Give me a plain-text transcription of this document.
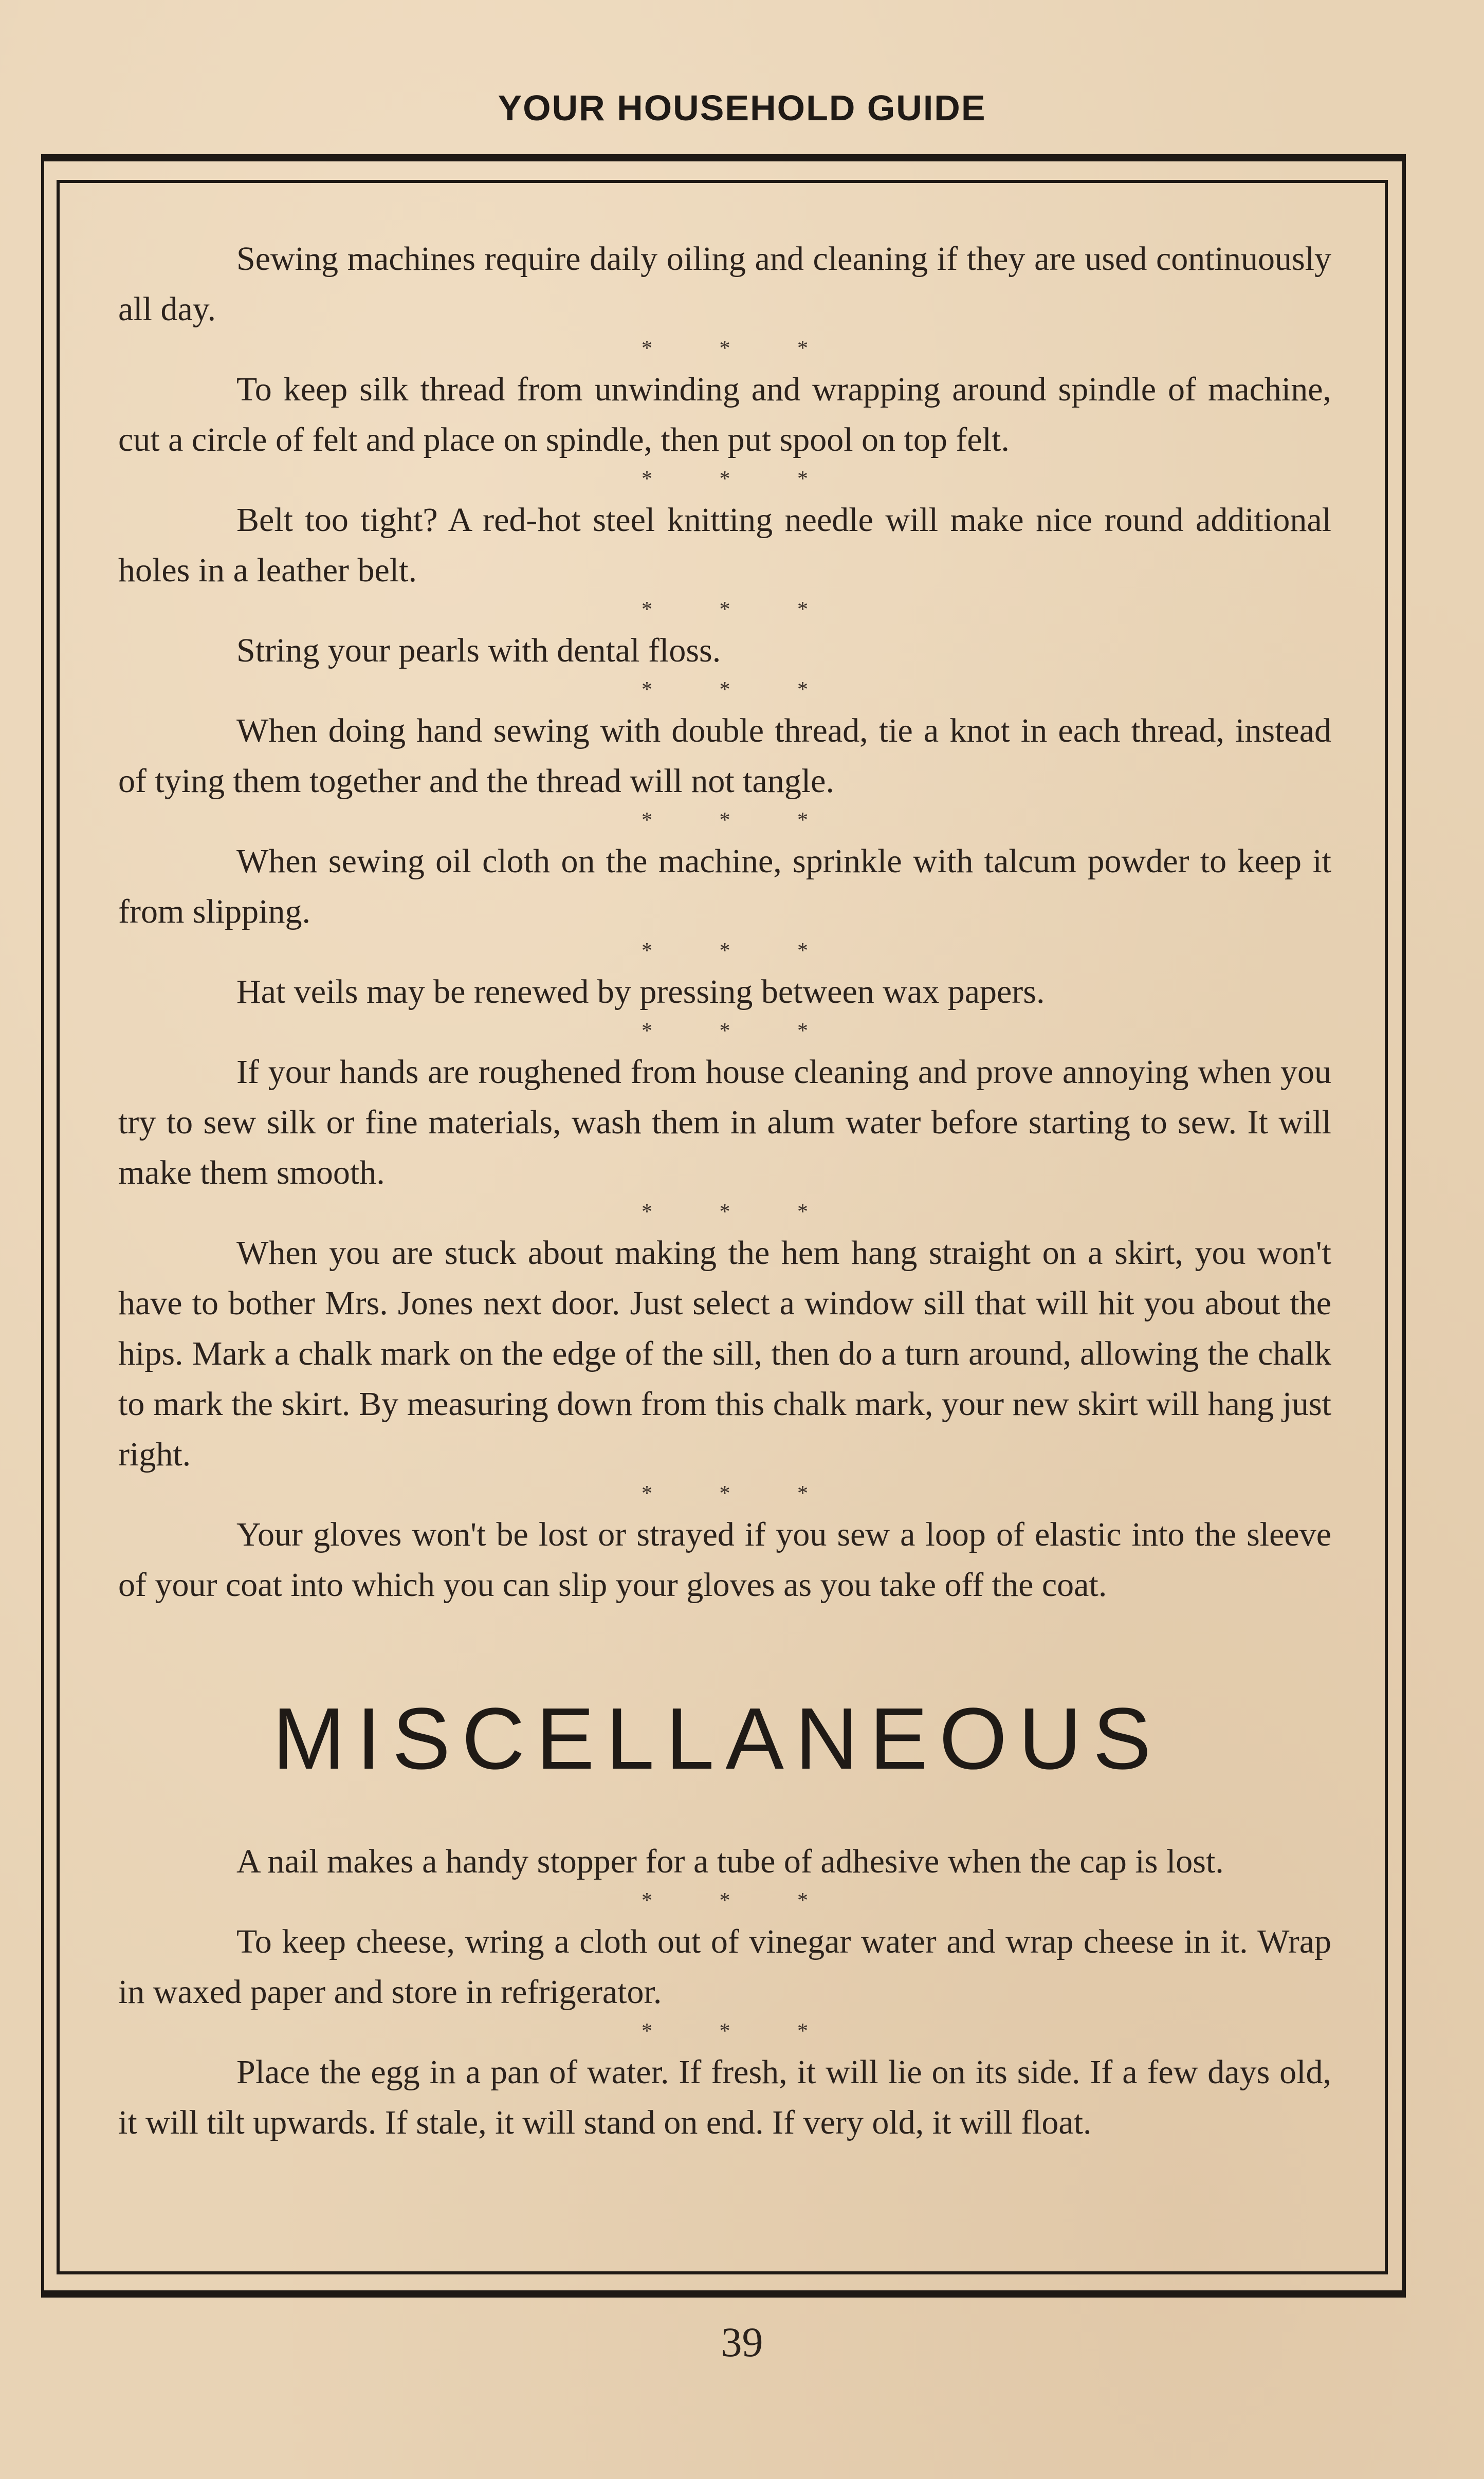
YOUR HOUSEHOLD GUIDE

Sewing machines require daily oiling and cleaning if they are used continuously all day.

* * *

To keep silk thread from unwinding and wrapping around spindle of machine, cut a circle of felt and place on spindle, then put spool on top felt.

* * *

Belt too tight? A red-hot steel knitting needle will make nice round additional holes in a leather belt.

* * *

String your pearls with dental floss.

* * *

When doing hand sewing with double thread, tie a knot in each thread, instead of tying them together and the thread will not tangle.

* * *

When sewing oil cloth on the machine, sprinkle with talcum powder to keep it from slipping.

* * *

Hat veils may be renewed by pressing between wax papers.

* * *

If your hands are roughened from house cleaning and prove annoying when you try to sew silk or fine materials, wash them in alum water before starting to sew. It will make them smooth.

* * *

When you are stuck about making the hem hang straight on a skirt, you won't have to bother Mrs. Jones next door. Just select a window sill that will hit you about the hips. Mark a chalk mark on the edge of the sill, then do a turn around, allowing the chalk to mark the skirt. By measuring down from this chalk mark, your new skirt will hang just right.

* * *

Your gloves won't be lost or strayed if you sew a loop of elastic into the sleeve of your coat into which you can slip your gloves as you take off the coat.

MISCELLANEOUS

A nail makes a handy stopper for a tube of adhesive when the cap is lost.

* * *

To keep cheese, wring a cloth out of vinegar water and wrap cheese in it. Wrap in waxed paper and store in refrigerator.

* * *

Place the egg in a pan of water. If fresh, it will lie on its side. If a few days old, it will tilt upwards. If stale, it will stand on end. If very old, it will float.

39
